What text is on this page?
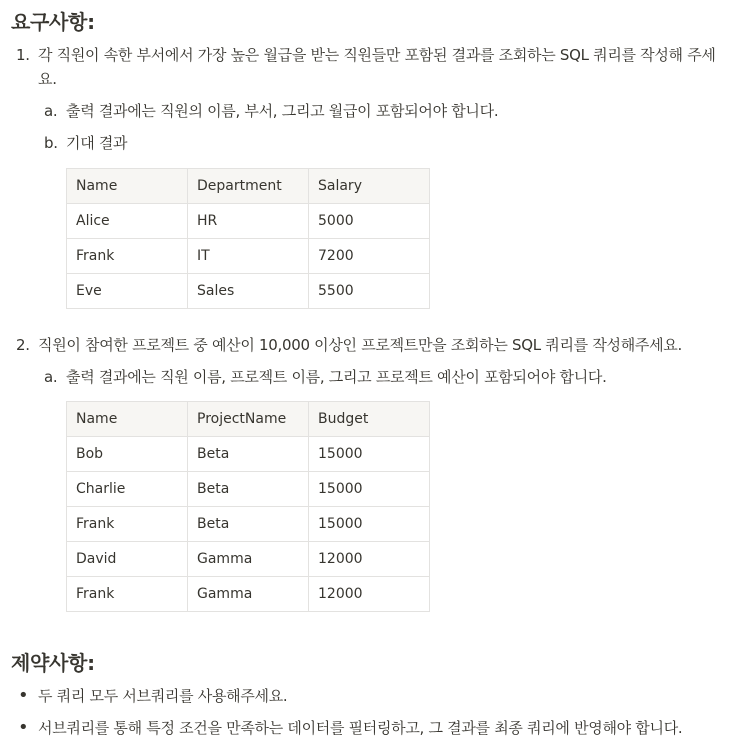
요구사항:
1. 각 직원이 속한 부서에서 가장 높은 월급을 받는 직원들만 포함된 결과를 조회하는 SQL 쿼리를 작성해 주세요.
a. 출력 결과에는 직원의 이름, 부서, 그리고 월급이 포함되어야 합니다.
b. 기대 결과
Name	Department	Salary
Alice	HR	5000
Frank	IT	7200
Eve	Sales	5500
2. 직원이 참여한 프로젝트 중 예산이 10,000 이상인 프로젝트만을 조회하는 SQL 쿼리를 작성해주세요.
a. 출력 결과에는 직원 이름, 프로젝트 이름, 그리고 프로젝트 예산이 포함되어야 합니다.
Name	ProjectName	Budget
Bob	Beta	15000
Charlie	Beta	15000
Frank	Beta	15000
David	Gamma	12000
Frank	Gamma	12000
제약사항:
• 두 쿼리 모두 서브쿼리를 사용해주세요.
• 서브쿼리를 통해 특정 조건을 만족하는 데이터를 필터링하고, 그 결과를 최종 쿼리에 반영해야 합니다.
